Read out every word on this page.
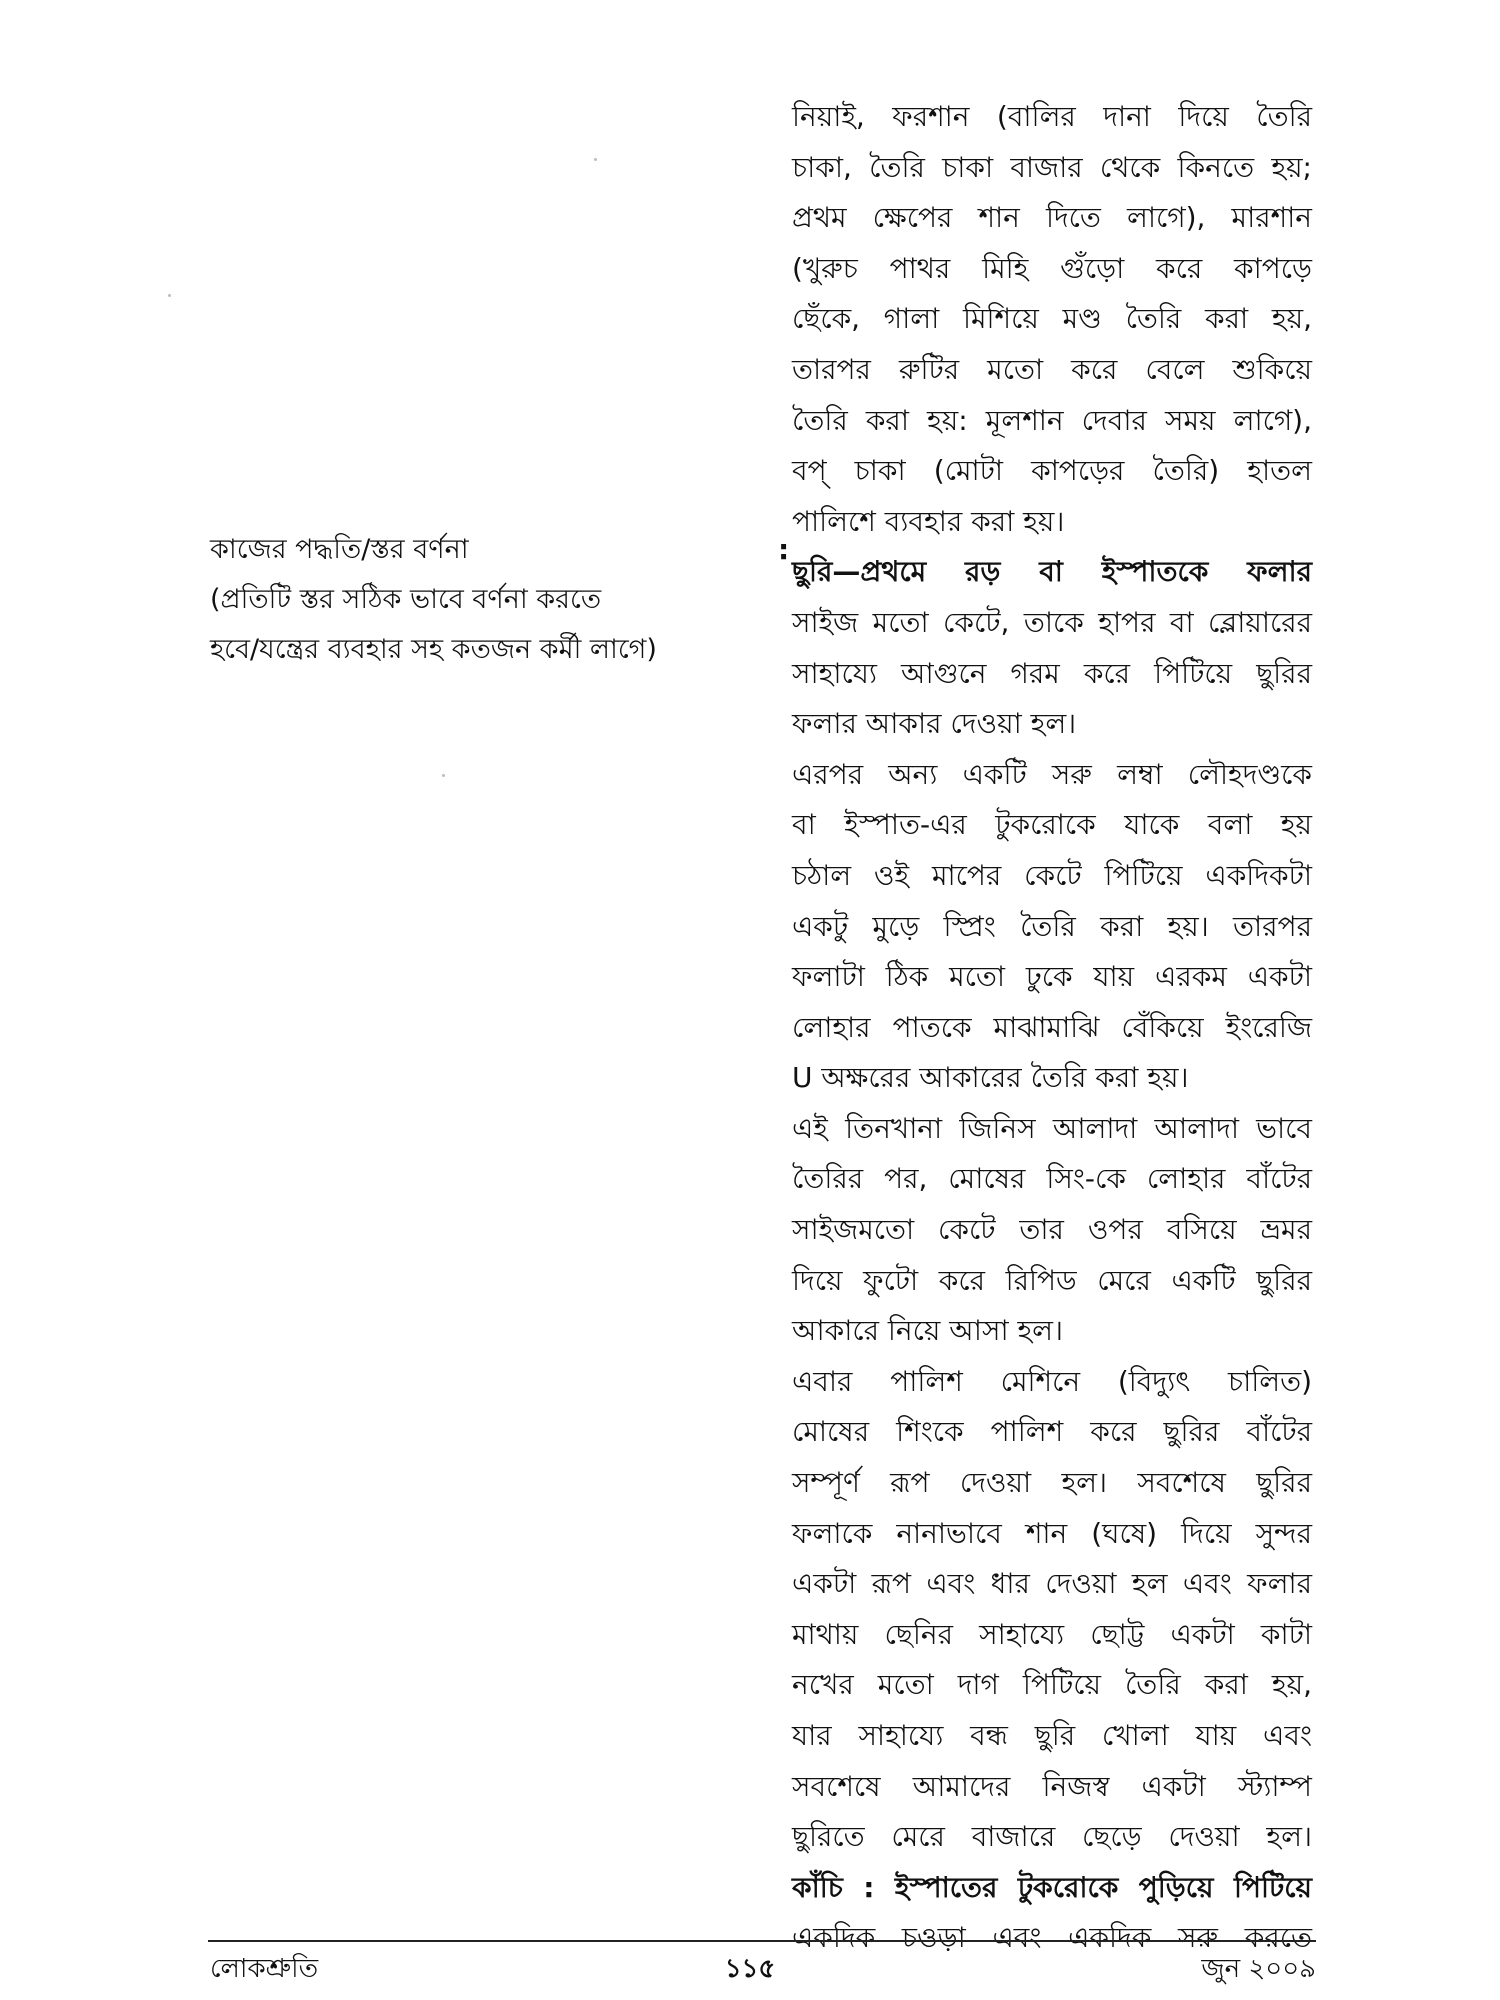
কাজের পদ্ধতি/স্তর বর্ণনা
(প্রতিটি স্তর সঠিক ভাবে বর্ণনা করতে
হবে/যন্ত্রের ব্যবহার সহ কতজন কর্মী লাগে)
:
নিয়াই, ফরশান (বালির দানা দিয়ে তৈরি
চাকা, তৈরি চাকা বাজার থেকে কিনতে হয়;
প্রথম ক্ষেপের শান দিতে লাগে), মারশান
(খুরুচ পাথর মিহি গুঁড়ো করে কাপড়ে
ছেঁকে, গালা মিশিয়ে মণ্ড তৈরি করা হয়,
তারপর রুটির মতো করে বেলে শুকিয়ে
তৈরি করা হয়: মূলশান দেবার সময় লাগে),
বপ্ চাকা (মোটা কাপড়ের তৈরি) হাতল
পালিশে ব্যবহার করা হয়।
ছুরি—প্রথমে রড় বা ইস্পাতকে ফলার
সাইজ মতো কেটে, তাকে হাপর বা ব্লোয়ারের
সাহায্যে আগুনে গরম করে পিটিয়ে ছুরির
ফলার আকার দেওয়া হল।
এরপর অন্য একটি সরু লম্বা লৌহদণ্ডকে
বা ইস্পাত-এর টুকরোকে যাকে বলা হয়
চঠাল ওই মাপের কেটে পিটিয়ে একদিকটা
একটু মুড়ে স্প্রিং তৈরি করা হয়। তারপর
ফলাটা ঠিক মতো ঢুকে যায় এরকম একটা
লোহার পাতকে মাঝামাঝি বেঁকিয়ে ইংরেজি
U অক্ষরের আকারের তৈরি করা হয়।
এই তিনখানা জিনিস আলাদা আলাদা ভাবে
তৈরির পর, মোষের সিং-কে লোহার বাঁটের
সাইজমতো কেটে তার ওপর বসিয়ে ভ্রমর
দিয়ে ফুটো করে রিপিড মেরে একটি ছুরির
আকারে নিয়ে আসা হল।
এবার পালিশ মেশিনে (বিদ্যুৎ চালিত)
মোষের শিংকে পালিশ করে ছুরির বাঁটের
সম্পূর্ণ রূপ দেওয়া হল। সবশেষে ছুরির
ফলাকে নানাভাবে শান (ঘষে) দিয়ে সুন্দর
একটা রূপ এবং ধার দেওয়া হল এবং ফলার
মাথায় ছেনির সাহায্যে ছোট্ট একটা কাটা
নখের মতো দাগ পিটিয়ে তৈরি করা হয়,
যার সাহায্যে বন্ধ ছুরি খোলা যায় এবং
সবশেষে আমাদের নিজস্ব একটা স্ট্যাম্প
ছুরিতে মেরে বাজারে ছেড়ে দেওয়া হল।
কাঁচি : ইস্পাতের টুকরোকে পুড়িয়ে পিটিয়ে
একদিক চওড়া এবং একদিক সরু করতে
লোকশ্রুতি	১১৫	জুন ২০০৯
